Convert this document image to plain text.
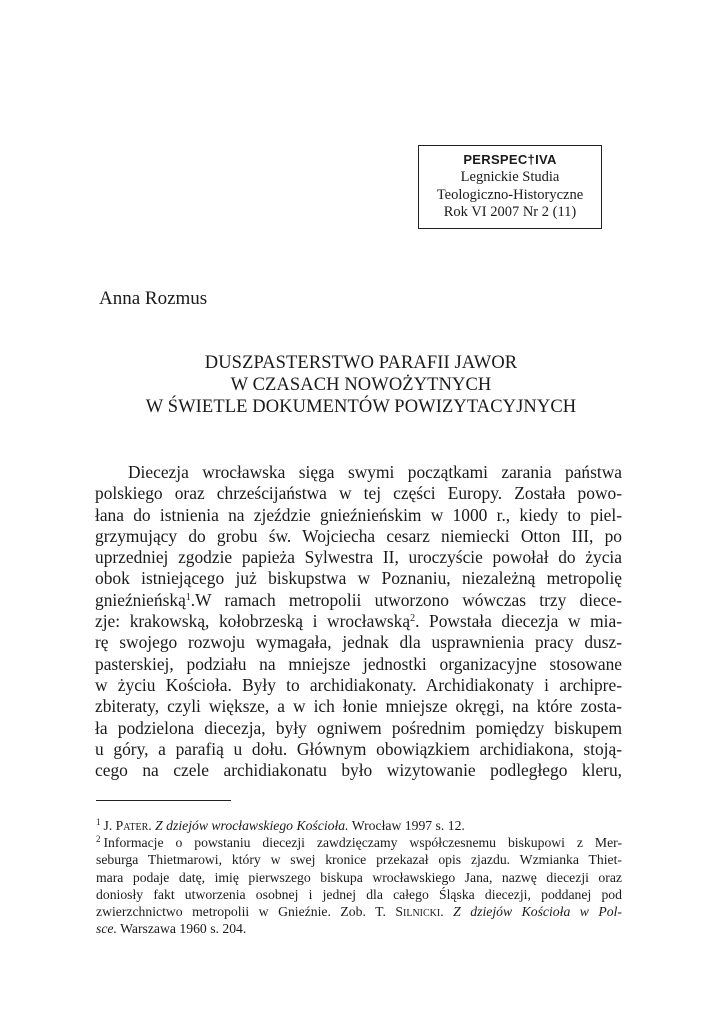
PERSPEC†IVA
Legnickie Studia
Teologiczno-Historyczne
Rok VI 2007 Nr 2 (11)
Anna Rozmus
DUSZPASTERSTWO PARAFII JAWOR
W CZASACH NOWOŻYTNYCH
W ŚWIETLE DOKUMENTÓW POWIZYTACYJNYCH
Diecezja wrocławska sięga swymi początkami zarania państwa
polskiego oraz chrześcijaństwa w tej części Europy. Została powo-
łana do istnienia na zjeździe gnieźnieńskim w 1000 r., kiedy to piel-
grzymujący do grobu św. Wojciecha cesarz niemiecki Otton III, po
uprzedniej zgodzie papieża Sylwestra II, uroczyście powołał do życia
obok istniejącego już biskupstwa w Poznaniu, niezależną metropolię
gnieźnieńską$^1$.W ramach metropolii utworzono wówczas trzy diece-
zje: krakowską, kołobrzeską i wrocławską$^2$. Powstała diecezja w mia-
rę swojego rozwoju wymagała, jednak dla usprawnienia pracy dusz-
pasterskiej, podziału na mniejsze jednostki organizacyjne stosowane
w życiu Kościoła. Były to archidiakonaty. Archidiakonaty i archipre-
zbiteraty, czyli większe, a w ich łonie mniejsze okręgi, na które zosta-
ła podzielona diecezja, były ogniwem pośrednim pomiędzy biskupem
u góry, a parafią u dołu. Głównym obowiązkiem archidiakona, stoją-
cego na czele archidiakonatu było wizytowanie podległego kleru,
$^1$ J. Pater. Z dziejów wrocławskiego Kościoła. Wrocław 1997 s. 12.
$^2$ Informacje o powstaniu diecezji zawdzięczamy współczesnemu biskupowi z Mer-
seburga Thietmarowi, który w swej kronice przekazał opis zjazdu. Wzmianka Thiet-
mara podaje datę, imię pierwszego biskupa wrocławskiego Jana, nazwę diecezji oraz
doniosły fakt utworzenia osobnej i jednej dla całego Śląska diecezji, poddanej pod
zwierzchnictwo metropolii w Gnieźnie. Zob. T. Silnicki. Z dziejów Kościoła w Pol-
sce. Warszawa 1960 s. 204.
